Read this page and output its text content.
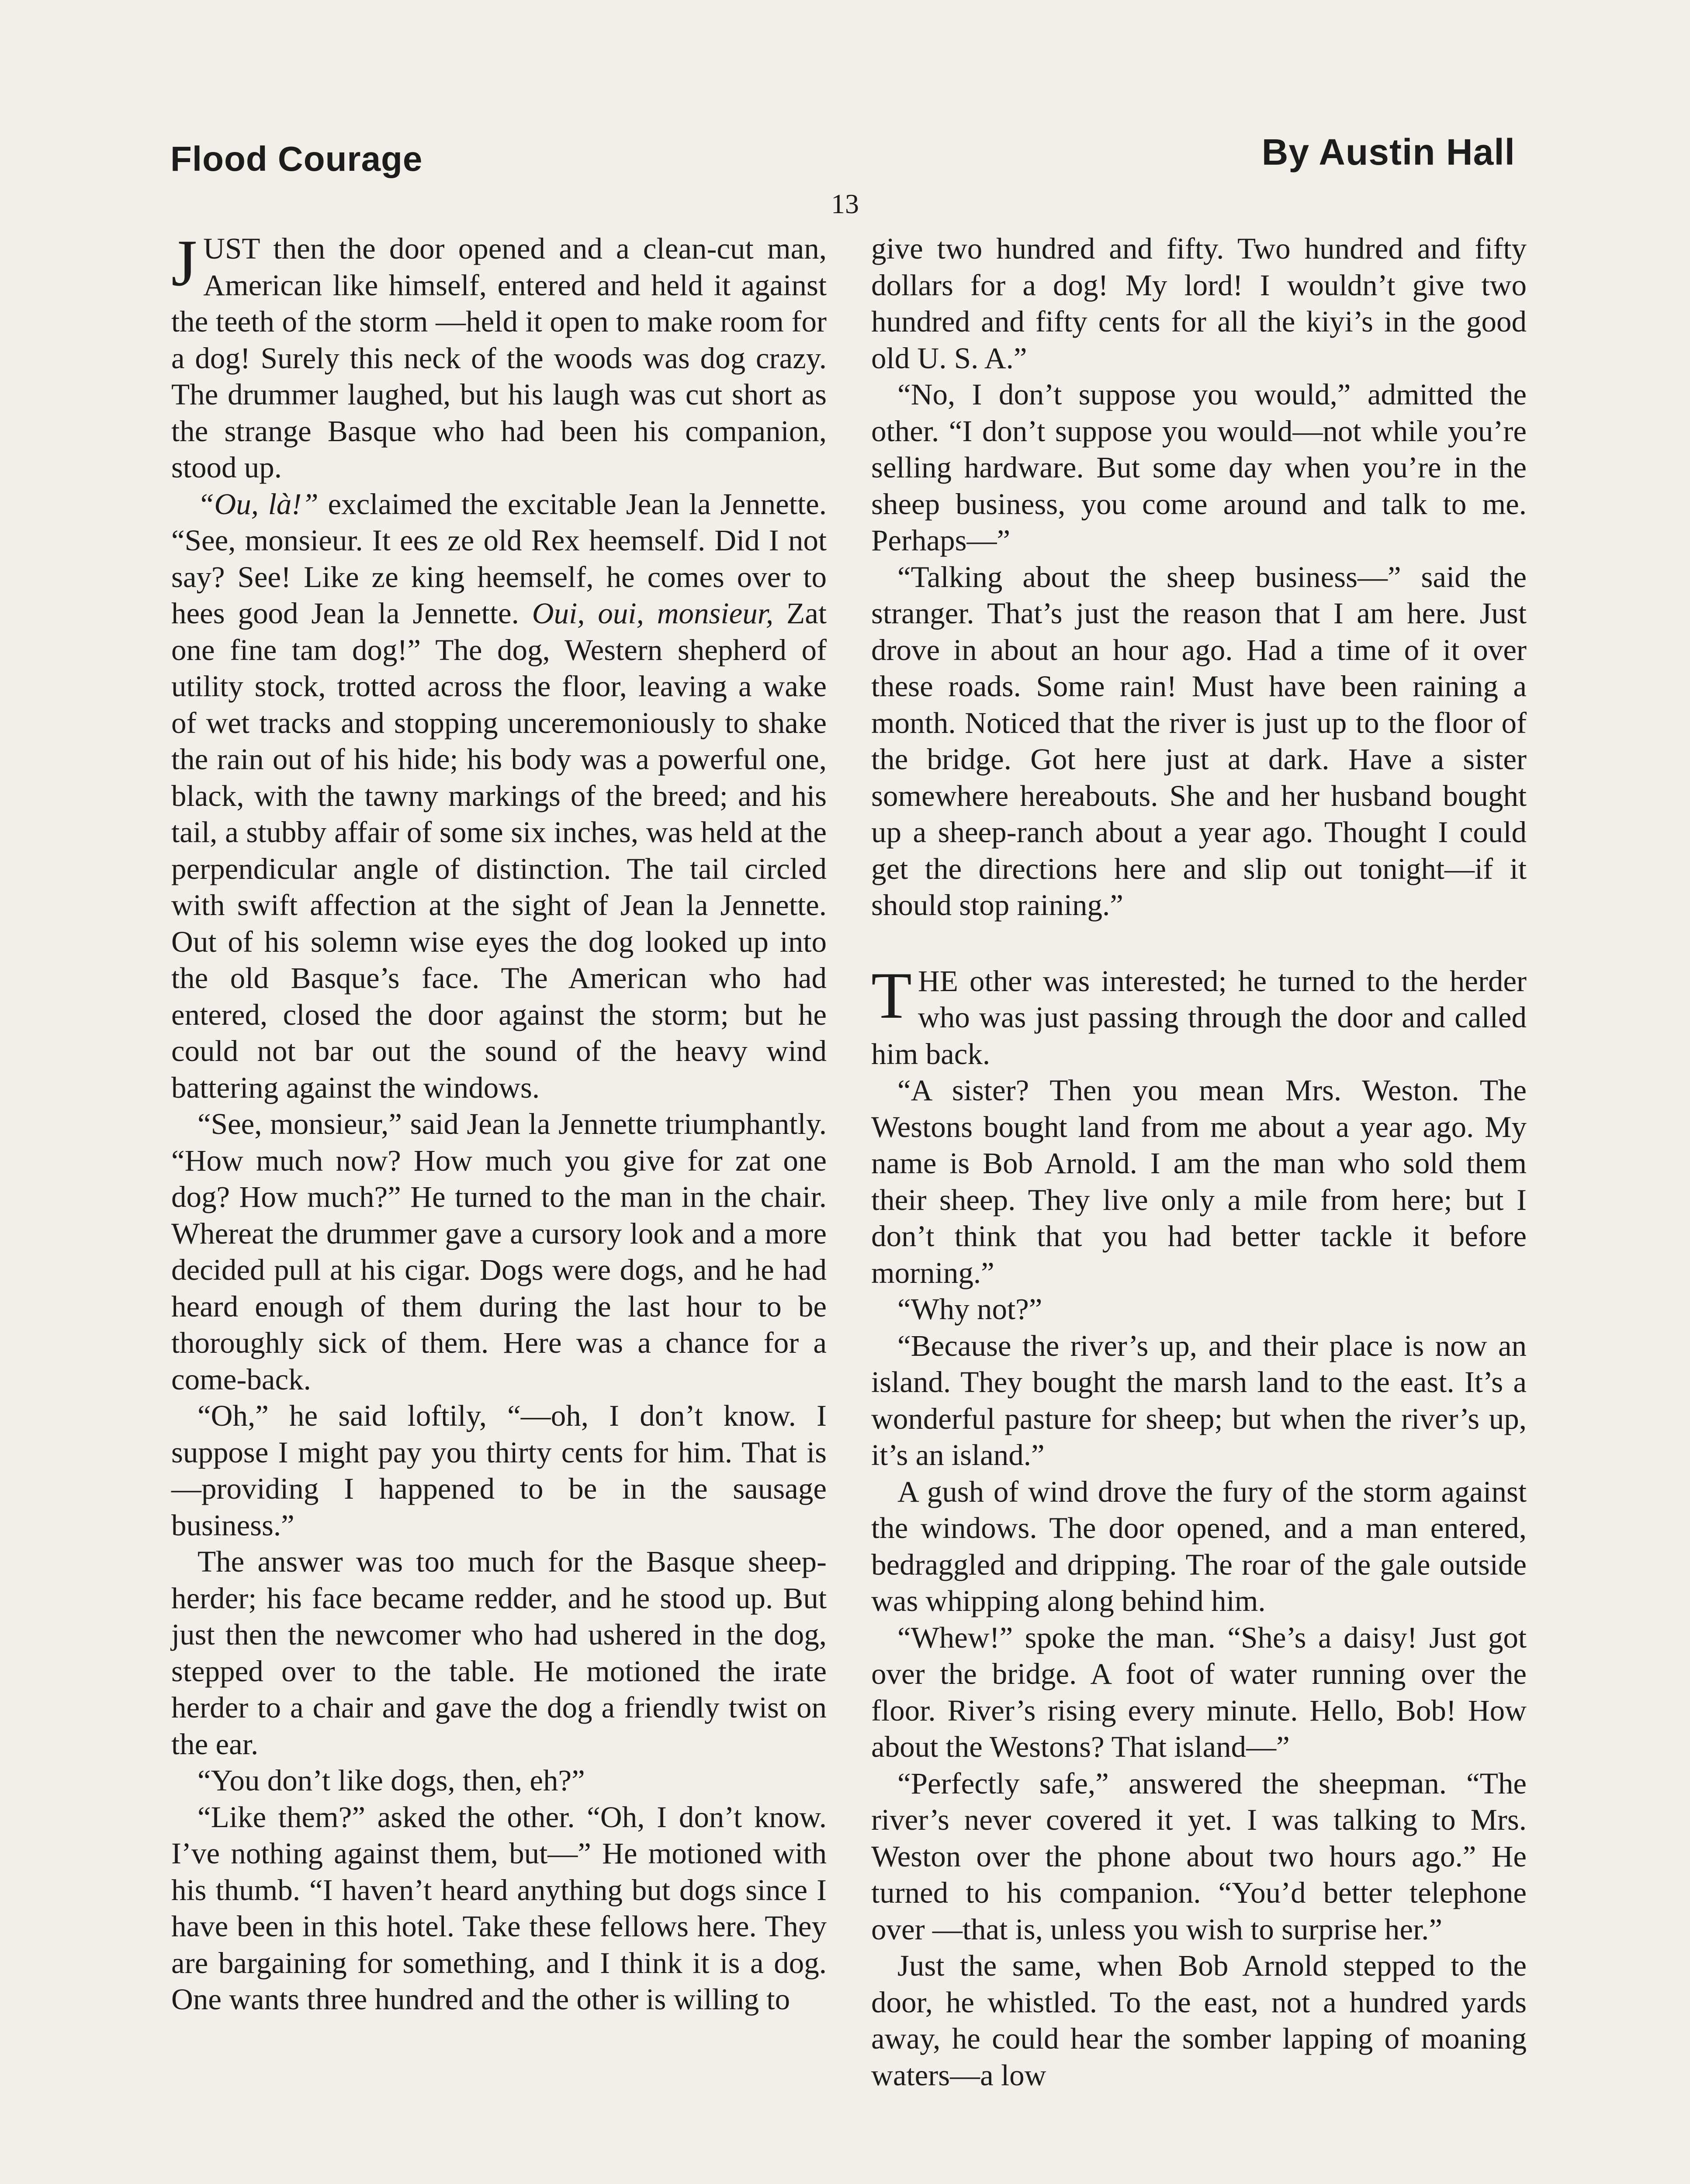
Flood Courage	By Austin Hall
13

JUST then the door opened and a clean-cut man, American like himself, entered and held it against the teeth of the storm —held it open to make room for a dog! Surely this neck of the woods was dog crazy. The drummer laughed, but his laugh was cut short as the strange Basque who had been his companion, stood up.

“Ou, là!” exclaimed the excitable Jean la Jennette. “See, monsieur. It ees ze old Rex heemself. Did I not say? See! Like ze king heemself, he comes over to hees good Jean la Jennette. Oui, oui, monsieur, Zat one fine tam dog!” The dog, Western shepherd of utility stock, trotted across the floor, leaving a wake of wet tracks and stopping unceremoniously to shake the rain out of his hide; his body was a powerful one, black, with the tawny markings of the breed; and his tail, a stubby affair of some six inches, was held at the perpendicular angle of distinction. The tail circled with swift affection at the sight of Jean la Jennette. Out of his solemn wise eyes the dog looked up into the old Basque’s face. The American who had entered, closed the door against the storm; but he could not bar out the sound of the heavy wind battering against the windows.

“See, monsieur,” said Jean la Jennette triumphantly. “How much now? How much you give for zat one dog? How much?” He turned to the man in the chair. Whereat the drummer gave a cursory look and a more decided pull at his cigar. Dogs were dogs, and he had heard enough of them during the last hour to be thoroughly sick of them. Here was a chance for a come-back.

“Oh,” he said loftily, “—oh, I don’t know. I suppose I might pay you thirty cents for him. That is—providing I happened to be in the sausage business.”

The answer was too much for the Basque sheep-herder; his face became redder, and he stood up. But just then the newcomer who had ushered in the dog, stepped over to the table. He motioned the irate herder to a chair and gave the dog a friendly twist on the ear.

“You don’t like dogs, then, eh?”

“Like them?” asked the other. “Oh, I don’t know. I’ve nothing against them, but—” He motioned with his thumb. “I haven’t heard anything but dogs since I have been in this hotel. Take these fellows here. They are bargaining for something, and I think it is a dog. One wants three hundred and the other is willing to

give two hundred and fifty. Two hundred and fifty dollars for a dog! My lord! I wouldn’t give two hundred and fifty cents for all the kiyi’s in the good old U. S. A.”

“No, I don’t suppose you would,” admitted the other. “I don’t suppose you would—not while you’re selling hardware. But some day when you’re in the sheep business, you come around and talk to me. Perhaps—”

“Talking about the sheep business—” said the stranger. That’s just the reason that I am here. Just drove in about an hour ago. Had a time of it over these roads. Some rain! Must have been raining a month. Noticed that the river is just up to the floor of the bridge. Got here just at dark. Have a sister somewhere hereabouts. She and her husband bought up a sheep-ranch about a year ago. Thought I could get the directions here and slip out tonight—if it should stop raining.”

THE other was interested; he turned to the herder who was just passing through the door and called him back.

“A sister? Then you mean Mrs. Weston. The Westons bought land from me about a year ago. My name is Bob Arnold. I am the man who sold them their sheep. They live only a mile from here; but I don’t think that you had better tackle it before morning.”

“Why not?”

“Because the river’s up, and their place is now an island. They bought the marsh land to the east. It’s a wonderful pasture for sheep; but when the river’s up, it’s an island.”

A gush of wind drove the fury of the storm against the windows. The door opened, and a man entered, bedraggled and dripping. The roar of the gale outside was whipping along behind him.

“Whew!” spoke the man. “She’s a daisy! Just got over the bridge. A foot of water running over the floor. River’s rising every minute. Hello, Bob! How about the Westons? That island—”

“Perfectly safe,” answered the sheepman. “The river’s never covered it yet. I was talking to Mrs. Weston over the phone about two hours ago.” He turned to his companion. “You’d better telephone over —that is, unless you wish to surprise her.”

Just the same, when Bob Arnold stepped to the door, he whistled. To the east, not a hundred yards away, he could hear the somber lapping of moaning waters—a low
